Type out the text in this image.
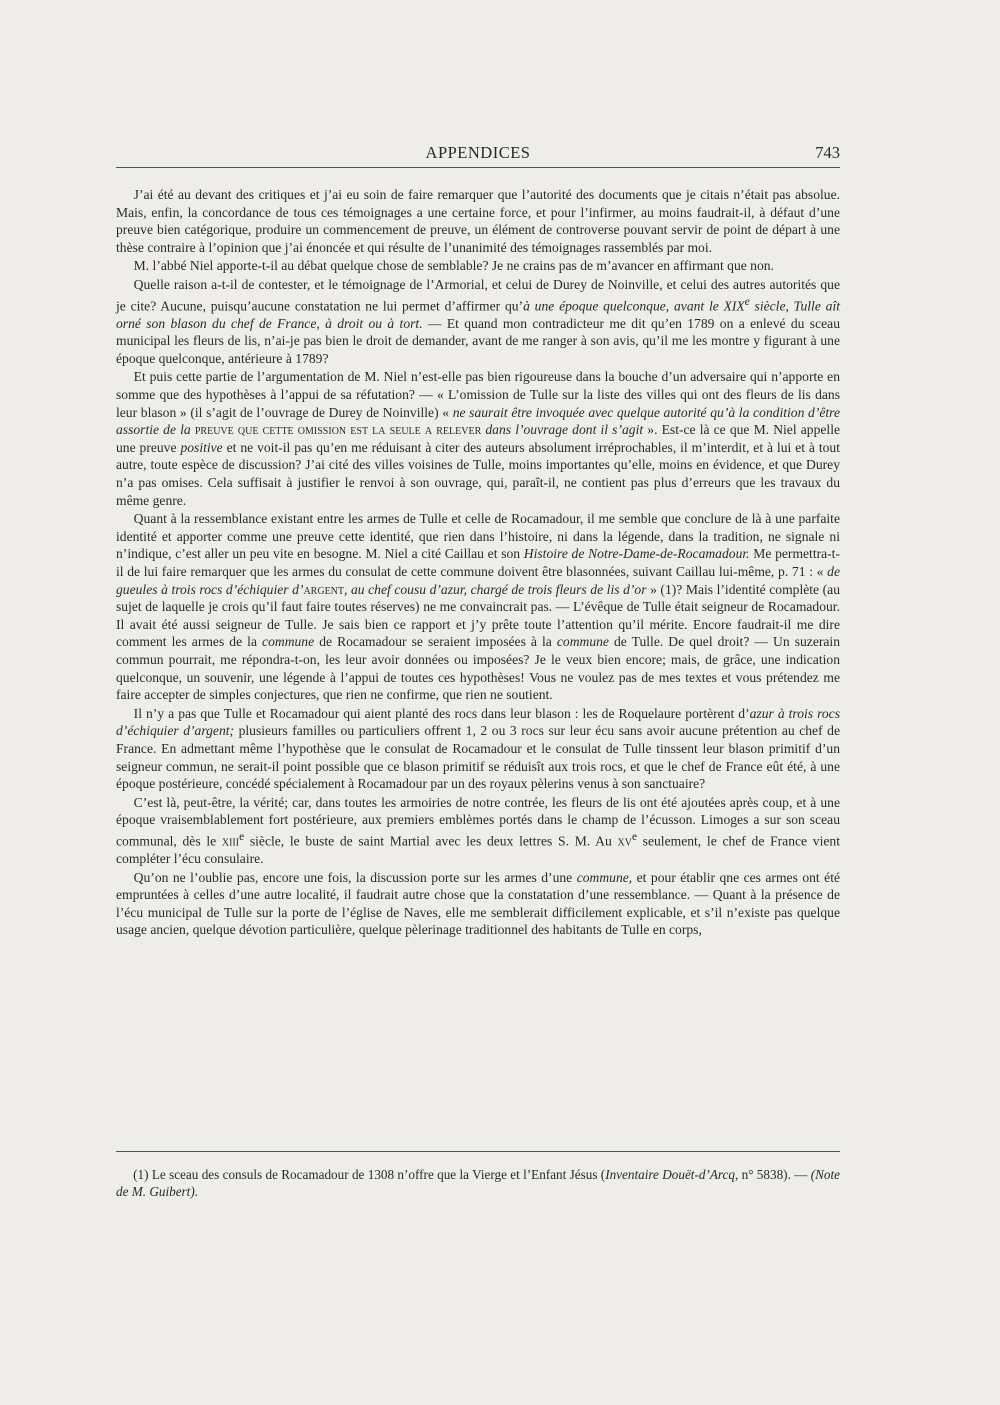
APPENDICES	743

J’ai été au devant des critiques et j’ai eu soin de faire remarquer que l’autorité des documents que je citais n’était pas absolue. Mais, enfin, la concordance de tous ces témoignages a une certaine force, et pour l’infirmer, au moins faudrait-il, à défaut d’une preuve bien catégorique, produire un commencement de preuve, un élément de controverse pouvant servir de point de départ à une thèse contraire à l’opinion que j’ai énoncée et qui résulte de l’unanimité des témoignages rassemblés par moi.

M. l’abbé Niel apporte-t-il au débat quelque chose de semblable? Je ne crains pas de m’avancer en affirmant que non.

Quelle raison a-t-il de contester, et le témoignage de l’Armorial, et celui de Durey de Noinville, et celui des autres autorités que je cite? Aucune, puisqu’aucune constatation ne lui permet d’affirmer qu’à une époque quelconque, avant le XIXe siècle, Tulle aît orné son blason du chef de France, à droit ou à tort. — Et quand mon contradicteur me dit qu’en 1789 on a enlevé du sceau municipal les fleurs de lis, n’ai-je pas bien le droit de demander, avant de me ranger à son avis, qu’il me les montre y figurant à une époque quelconque, antérieure à 1789?

Et puis cette partie de l’argumentation de M. Niel n’est-elle pas bien rigoureuse dans la bouche d’un adversaire qui n’apporte en somme que des hypothèses à l’appui de sa réfutation? — « L’omission de Tulle sur la liste des villes qui ont des fleurs de lis dans leur blason » (il s’agit de l’ouvrage de Durey de Noinville) « ne saurait être invoquée avec quelque autorité qu’à la condition d’être assortie de la preuve que cette omission est la seule a relever dans l’ouvrage dont il s’agit ». Est-ce là ce que M. Niel appelle une preuve positive et ne voit-il pas qu’en me réduisant à citer des auteurs absolument irréprochables, il m’interdit, et à lui et à tout autre, toute espèce de discussion? J’ai cité des villes voisines de Tulle, moins importantes qu’elle, moins en évidence, et que Durey n’a pas omises. Cela suffisait à justifier le renvoi à son ouvrage, qui, paraît-il, ne contient pas plus d’erreurs que les travaux du même genre.

Quant à la ressemblance existant entre les armes de Tulle et celle de Rocamadour, il me semble que conclure de là à une parfaite identité et apporter comme une preuve cette identité, que rien dans l’histoire, ni dans la légende, dans la tradition, ne signale ni n’indique, c’est aller un peu vite en besogne. M. Niel a cité Caillau et son Histoire de Notre-Dame-de-Rocamadour. Me permettra-t-il de lui faire remarquer que les armes du consulat de cette commune doivent être blasonnées, suivant Caillau lui-même, p. 71 : « de gueules à trois rocs d’échiquier d’argent, au chef cousu d’azur, chargé de trois fleurs de lis d’or » (1)? Mais l’identité complète (au sujet de laquelle je crois qu’il faut faire toutes réserves) ne me convaincrait pas. — L’évêque de Tulle était seigneur de Rocamadour. Il avait été aussi seigneur de Tulle. Je sais bien ce rapport et j’y prête toute l’attention qu’il mérite. Encore faudrait-il me dire comment les armes de la commune de Rocamadour se seraient imposées à la commune de Tulle. De quel droit? — Un suzerain commun pourrait, me répondra-t-on, les leur avoir données ou imposées? Je le veux bien encore; mais, de grâce, une indication quelconque, un souvenir, une légende à l’appui de toutes ces hypothèses! Vous ne voulez pas de mes textes et vous prétendez me faire accepter de simples conjectures, que rien ne confirme, que rien ne soutient.

Il n’y a pas que Tulle et Rocamadour qui aient planté des rocs dans leur blason : les de Roquelaure portèrent d’azur à trois rocs d’échiquier d’argent; plusieurs familles ou particuliers offrent 1, 2 ou 3 rocs sur leur écu sans avoir aucune prétention au chef de France. En admettant même l’hypothèse que le consulat de Rocamadour et le consulat de Tulle tinssent leur blason primitif d’un seigneur commun, ne serait-il point possible que ce blason primitif se réduisît aux trois rocs, et que le chef de France eût été, à une époque postérieure, concédé spécialement à Rocamadour par un des royaux pèlerins venus à son sanctuaire?

C’est là, peut-être, la vérité; car, dans toutes les armoiries de notre contrée, les fleurs de lis ont été ajoutées après coup, et à une époque vraisemblablement fort postérieure, aux premiers emblèmes portés dans le champ de l’écusson. Limoges a sur son sceau communal, dès le xiii$^e$ siècle, le buste de saint Martial avec les deux lettres S. M. Au $xv^e$ seulement, le chef de France vient compléter l’écu consulaire.

Qu’on ne l’oublie pas, encore une fois, la discussion porte sur les armes d’une commune, et pour établir qne ces armes ont été empruntées à celles d’une autre localité, il faudrait autre chose que la constatation d’une ressemblance. — Quant à la présence de l’écu municipal de Tulle sur la porte de l’église de Naves, elle me semblerait difficilement explicable, et s’il n’existe pas quelque usage ancien, quelque dévotion particulière, quelque pèlerinage traditionnel des habitants de Tulle en corps,

(1) Le sceau des consuls de Rocamadour de 1308 n’offre que la Vierge et l’Enfant Jésus (Inventaire Douët-d’Arcq, n° 5838). — (Note de M. Guibert).
